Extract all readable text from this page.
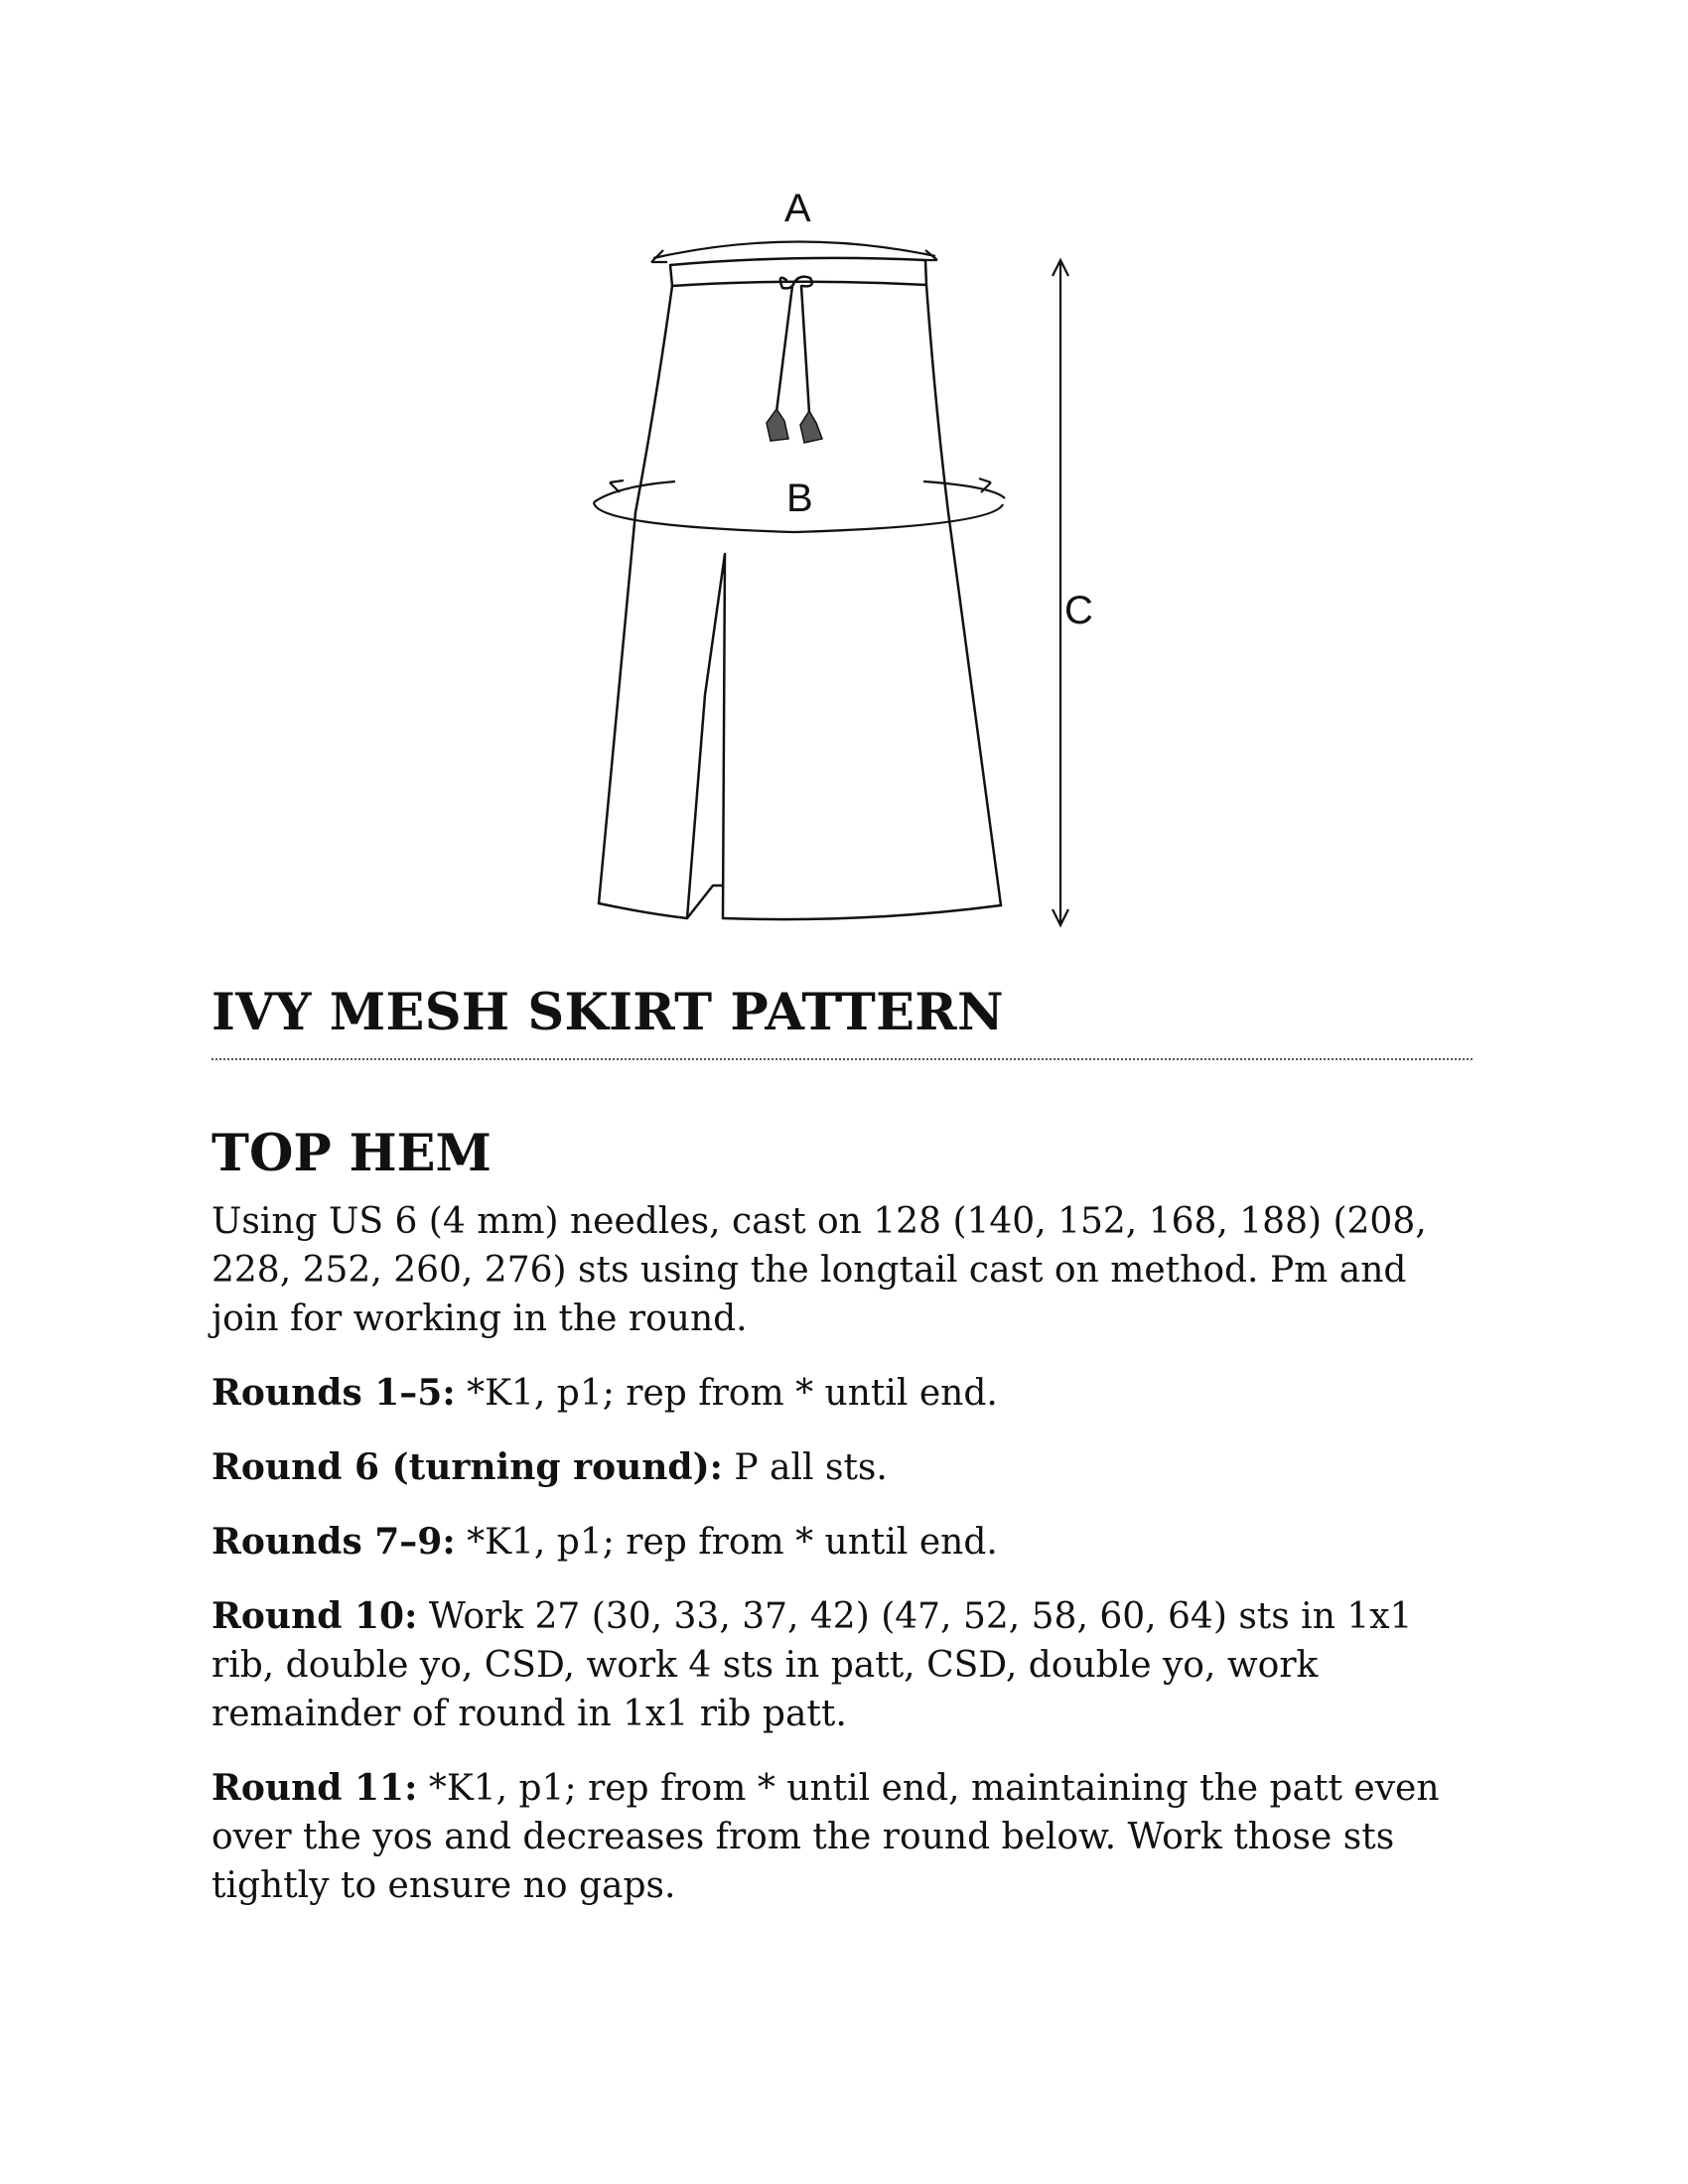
A
B
C
IVY MESH SKIRT PATTERN
TOP HEM

Using US 6 (4 mm) needles, cast on 128 (140, 152, 168, 188) (208, 228, 252, 260, 276) sts using the longtail cast on method. Pm and join for working in the round.

Rounds 1–5: *K1, p1; rep from * until end.

Round 6 (turning round): P all sts.

Rounds 7–9: *K1, p1; rep from * until end.

Round 10: Work 27 (30, 33, 37, 42) (47, 52, 58, 60, 64) sts in 1x1 rib, double yo, CSD, work 4 sts in patt, CSD, double yo, work remainder of round in 1x1 rib patt.

Round 11: *K1, p1; rep from * until end, maintaining the patt even over the yos and decreases from the round below. Work those sts tightly to ensure no gaps.
